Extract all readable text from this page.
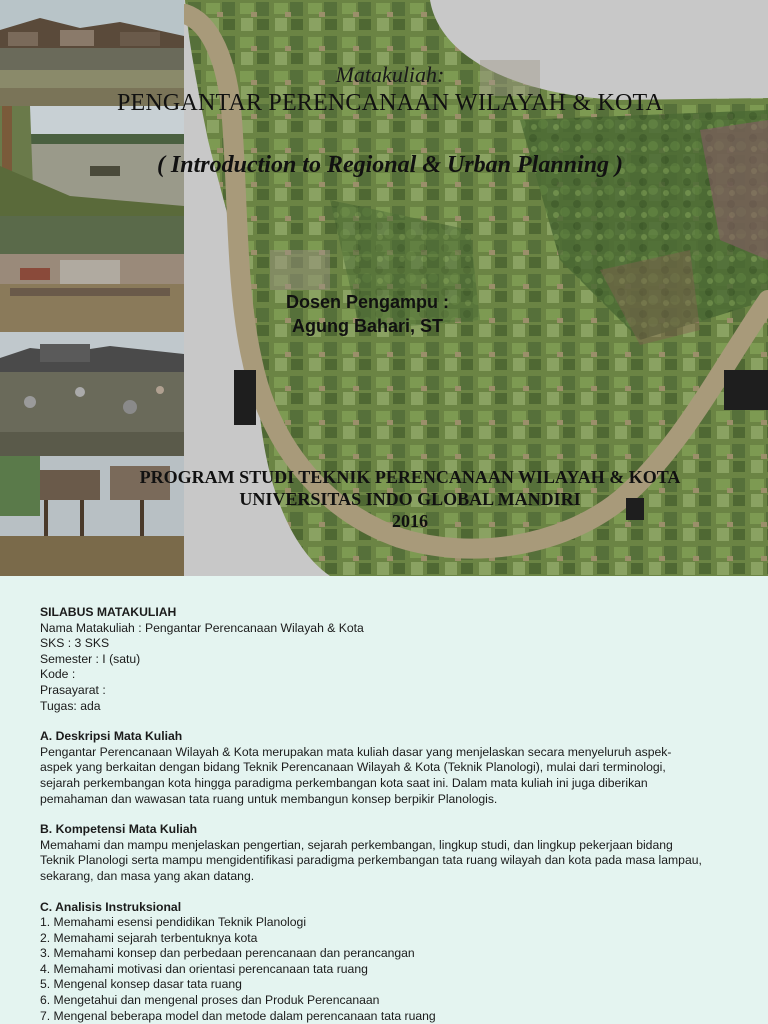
Matakuliah:
PENGANTAR PERENCANAAN WILAYAH & KOTA
( Introduction to Regional & Urban Planning )
Dosen Pengampu :
Agung Bahari, ST
PROGRAM STUDI TEKNIK PERENCANAAN WILAYAH & KOTA
UNIVERSITAS INDO GLOBAL MANDIRI
2016
SILABUS MATAKULIAH
Nama Matakuliah : Pengantar Perencanaan Wilayah & Kota
SKS : 3 SKS
Semester : I (satu)
Kode :
Prasayarat :
Tugas: ada
A. Deskripsi Mata Kuliah
Pengantar Perencanaan Wilayah & Kota merupakan mata kuliah dasar yang menjelaskan secara menyeluruh aspek-
aspek yang berkaitan dengan bidang Teknik Perencanaan Wilayah & Kota (Teknik Planologi), mulai dari terminologi,
sejarah perkembangan kota hingga paradigma perkembangan kota saat ini. Dalam mata kuliah ini juga diberikan
pemahaman dan wawasan tata ruang untuk membangun konsep berpikir Planologis.
B. Kompetensi Mata Kuliah
Memahami dan mampu menjelaskan pengertian, sejarah perkembangan, lingkup studi, dan lingkup pekerjaan bidang
Teknik Planologi serta mampu mengidentifikasi paradigma perkembangan tata ruang wilayah dan kota pada masa lampau,
sekarang, dan masa yang akan datang.
C. Analisis Instruksional
1. Memahami esensi pendidikan Teknik Planologi
2. Memahami sejarah terbentuknya kota
3. Memahami konsep dan perbedaan perencanaan dan perancangan
4. Memahami motivasi dan orientasi perencanaan tata ruang
5. Mengenal konsep dasar tata ruang
6. Mengetahui dan mengenal proses dan Produk Perencanaan
7. Mengenal beberapa model dan metode dalam perencanaan tata ruang
